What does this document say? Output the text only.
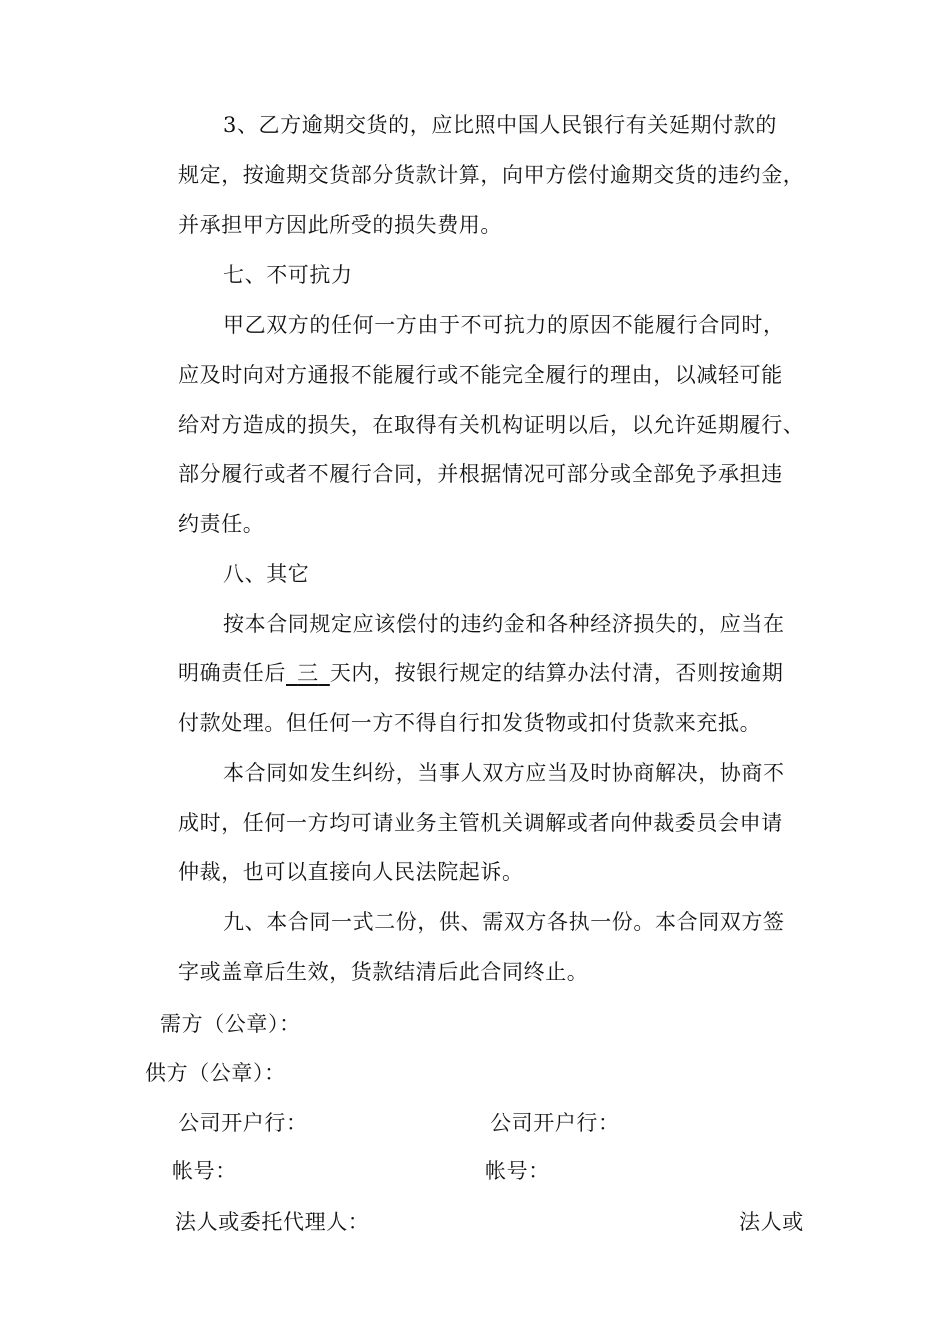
3、乙方逾期交货的，应比照中国人民银行有关延期付款的
规定，按逾期交货部分货款计算，向甲方偿付逾期交货的违约金，
并承担甲方因此所受的损失费用。
七、不可抗力
甲乙双方的任何一方由于不可抗力的原因不能履行合同时，
应及时向对方通报不能履行或不能完全履行的理由，以减轻可能
给对方造成的损失，在取得有关机构证明以后，以允许延期履行、
部分履行或者不履行合同，并根据情况可部分或全部免予承担违
约责任。
八、其它
按本合同规定应该偿付的违约金和各种经济损失的，应当在
明确责任后  三  天内，按银行规定的结算办法付清，否则按逾期
付款处理。但任何一方不得自行扣发货物或扣付货款来充抵。
本合同如发生纠纷，当事人双方应当及时协商解决，协商不
成时，任何一方均可请业务主管机关调解或者向仲裁委员会申请
仲裁，也可以直接向人民法院起诉。
九、本合同一式二份，供、需双方各执一份。本合同双方签
字或盖章后生效，货款结清后此合同终止。
需方（公章）：
供方（公章）：
公司开户行：	公司开户行：
帐号：	帐号：
法人或委托代理人：	法人或
